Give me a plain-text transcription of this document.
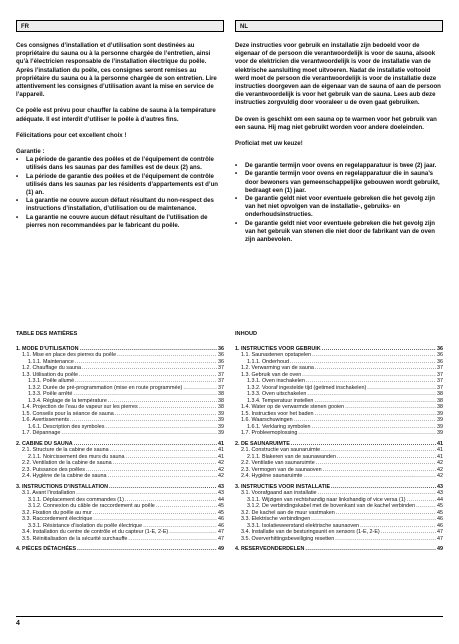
FR

Ces consignes d’installation et d’utilisation sont destinées au propriétaire du sauna ou à la personne chargée de l’entretien, ainsi qu’à l’électricien responsable de l’installation électrique du poêle. Après l’installation du poêle, ces consignes seront remises au propriétaire du sauna ou à la personne chargée de son entretien. Lire attentivement les consignes d’utilisation avant la mise en service de l’appareil.

Ce poêle est prévu pour chauffer la cabine de sauna à la température adéquate. Il est interdit d’utiliser le poêle à d’autres fins.

Félicitations pour cet excellent choix !

Garantie :
• La période de garantie des poêles et de l’équipement de contrôle utilisés dans les saunas par des familles est de deux (2) ans.
• La période de garantie des poêles et de l’équipement de contrôle utilisés dans les saunas par les résidents d’appartements est d’un (1) an.
• La garantie ne couvre aucun défaut résultant du non-respect des instructions d’installation, d’utilisation ou de maintenance.
• La garantie ne couvre aucun défaut résultant de l’utilisation de pierres non recommandées par le fabricant du poêle.
TABLE DES MATIÈRES
1. MODE D’UTILISATION .....	36
1.1. Mise en place des pierres du poêle .....	36
1.1.1. Maintenance .....	36
1.2. Chauffage du sauna .....	37
1.3. Utilisation du poêle .....	37
1.3.1. Poêle allumé .....	37
1.3.2. Durée de pré-programmation (mise en route programmée) .....	37
1.3.3. Poêle arrêté .....	38
1.3.4. Réglage de la température .....	38
1.4. Projection de l’eau de vapeur sur les pierres .....	38
1.5. Conseils pour la séance de sauna .....	39
1.6. Avertissements .....	39
1.6.1. Description des symboles .....	39
1.7. Dépannage .....	39
2. CABINE DU SAUNA .....	41
2.1. Structure de la cabine de sauna .....	41
2.1.1. Noircissement des murs du sauna .....	41
2.2. Ventilation de la cabine de sauna .....	42
2.3. Puissance des poêles .....	42
2.4. Hygiène de la cabine de sauna .....	42
3. INSTRUCTIONS D’INSTALLATION .....	43
3.1. Avant l’installation .....	43
3.1.1. Déplacement des commandes (1) .....	44
3.1.2. Connexion du câble de raccordement au poêle .....	45
3.2. Fixation du poêle au mur .....	45
3.3. Raccordement électrique .....	46
3.3.1. Résistance d’isolation du poêle électrique .....	46
3.4. Installation du centre de contrôle et du capteur (1-E, 2-E) .....	47
3.5. Réinitialisation de la sécurité surchauffe .....	47
4. PIÈCES DÉTACHÉES .....	49
NL

Deze instructies voor gebruik en installatie zijn bedoeld voor de eigenaar of de persoon die verantwoordelijk is voor de sauna, alsook voor de elektricien die verantwoordelijk is voor de installatie van de elektrische aansluiting moet uitvoeren. Nadat de installatie voltooid werd moet de persoon die verantwoordelijk is voor de installatie deze instructies doorgeven aan de eigenaar van de sauna of aan de persoon die verantwoordelijk is voor het gebruik van de sauna. Lees aub deze instructies zorgvuldig door vooraleer u de oven gaat gebruiken.

De oven is geschikt om een sauna op te warmen voor het gebruik van een sauna. Hij mag niet gebruikt worden voor andere doeleinden.

Proficiat met uw keuze!

• De garantie termijn voor ovens en regelapparatuur is twee (2) jaar.
• De garantie termijn voor ovens en regelapparatuur die in sauna’s door bewoners van gemeenschappelijke gebouwen wordt gebruikt, bedraagt een (1) jaar.
• De garantie geldt niet voor eventuele gebreken die het gevolg zijn van het niet opvolgen van de installatie-, gebruiks- en onderhoudsinstructies.
• De garantie geldt niet voor eventuele gebreken die het gevolg zijn van het gebruik van stenen die niet door de fabrikant van de oven zijn aanbevolen.
INHOUD
1. INSTRUCTIES VOOR GEBRUIK .....	36
1.1. Saunastenen opstapelen .....	36
1.1.1. Onderhoud .....	36
1.2. Verwarming van de sauna .....	37
1.3. Gebruik van de oven .....	37
1.3.1. Oven inschakelen .....	37
1.3.2. Vooraf ingestelde tijd (getimed inschakelen) .....	37
1.3.3. Oven uitschakelen .....	38
1.3.4. Temperatuur instellen .....	38
1.4. Water op de verwarmde stenen gooien .....	38
1.5. Instructies voor het baden .....	39
1.6. Waarschuwingen .....	39
1.6.1. Verklaring symbolen .....	39
1.7. Probleemoplossing .....	39
2. DE SAUNARUIMTE .....	41
2.1. Constructie van saunaruimte .....	41
2.1.1. Blakeren van de saunawanden .....	41
2.2. Ventilatie van saunaruimte .....	42
2.3. Vermogen van de saunaoven .....	42
2.4. Hygiëne saunaruimte .....	42
3. INSTRUCTIES VOOR INSTALLATIE .....	43
3.1. Voorafgaand aan installatie .....	43
3.1.1. Wijzigen van rechtshandig naar linkshandig of vice versa (1) .....	44
3.1.2. De verbindingskabel met de bovenkant van de kachel verbinden .....	45
3.2. De kachel aan de muur vastmaken .....	45
3.3. Elektrische verbindingen .....	46
3.3.1. Isolatieweerstand elektrische saunaoven .....	46
3.4. Installatie van de besturingsunit en sensors (1-E, 2-E) .....	47
3.5. Oververhittingsbeveiliging resetten .....	47
4. RESERVEONDERDELEN .....	49
4
